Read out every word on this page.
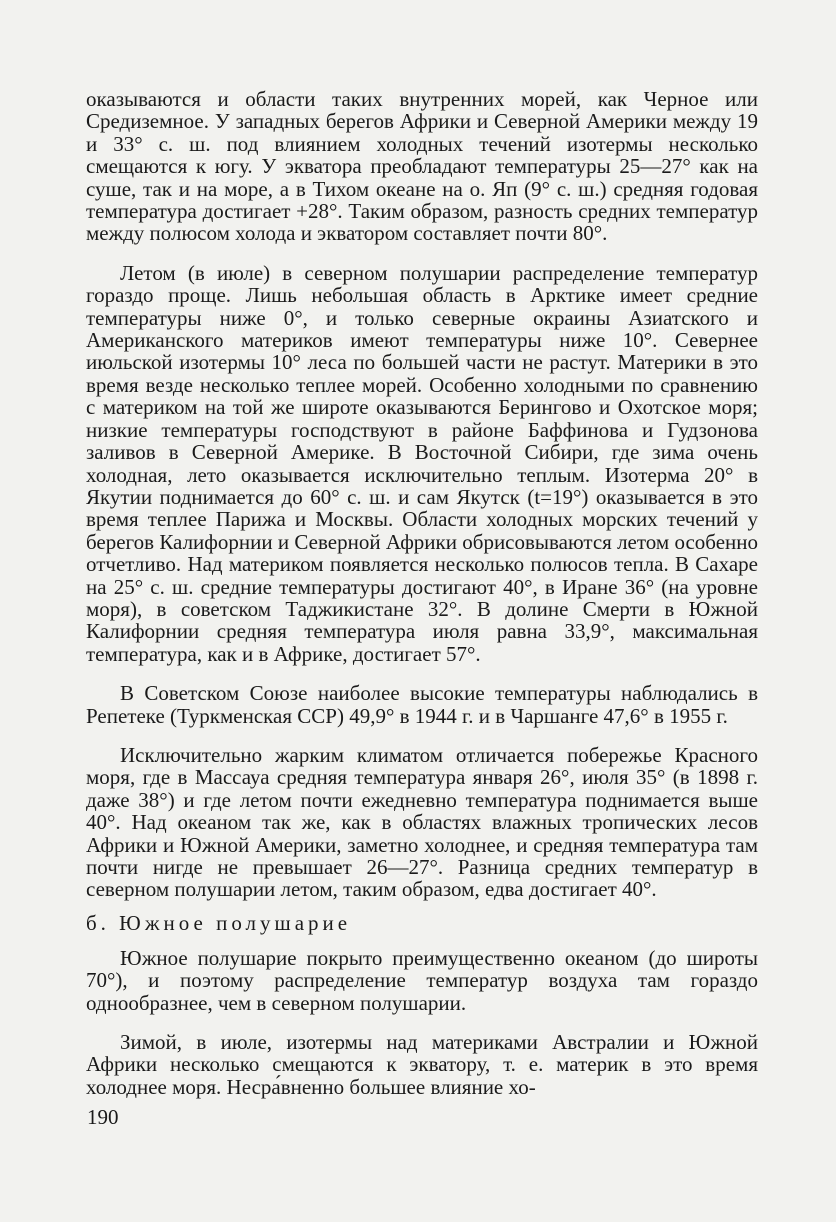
оказываются и области таких внутренних морей, как Черное или Средиземное. У западных берегов Африки и Северной Америки между 19 и 33° с. ш. под влиянием холодных течений изотермы несколько смещаются к югу. У экватора преобладают температуры 25—27° как на суше, так и на море, а в Тихом океане на о. Яп (9° с. ш.) средняя годовая температура достигает +28°. Таким образом, разность средних температур между полюсом холода и экватором составляет почти 80°.

Летом (в июле) в северном полушарии распределение температур гораздо проще. Лишь небольшая область в Арктике имеет средние температуры ниже 0°, и только северные окраины Азиатского и Американского материков имеют температуры ниже 10°. Севернее июльской изотермы 10° леса по большей части не растут. Материки в это время везде несколько теплее морей. Особенно холодными по сравнению с материком на той же широте оказываются Берингово и Охотское моря; низкие температуры господствуют в районе Баффинова и Гудзонова заливов в Северной Америке. В Восточной Сибири, где зима очень холодная, лето оказывается исключительно теплым. Изотерма 20° в Якутии поднимается до 60° с. ш. и сам Якутск (t=19°) оказывается в это время теплее Парижа и Москвы. Области холодных морских течений у берегов Калифорнии и Северной Африки обрисовываются летом особенно отчетливо. Над материком появляется несколько полюсов тепла. В Сахаре на 25° с. ш. средние температуры достигают 40°, в Иране 36° (на уровне моря), в советском Таджикистане 32°. В долине Смерти в Южной Калифорнии средняя температура июля равна 33,9°, максимальная температура, как и в Африке, достигает 57°.

В Советском Союзе наиболее высокие температуры наблюдались в Репетеке (Туркменская ССР) 49,9° в 1944 г. и в Чаршанге 47,6° в 1955 г.

Исключительно жарким климатом отличается побережье Красного моря, где в Массауа средняя температура января 26°, июля 35° (в 1898 г. даже 38°) и где летом почти ежедневно температура поднимается выше 40°. Над океаном так же, как в областях влажных тропических лесов Африки и Южной Америки, заметно холоднее, и средняя температура там почти нигде не превышает 26—27°. Разница средних температур в северном полушарии летом, таким образом, едва достигает 40°.

б. Южное полушарие

Южное полушарие покрыто преимущественно океаном (до широты 70°), и поэтому распределение температур воздуха там гораздо однообразнее, чем в северном полушарии.

Зимой, в июле, изотермы над материками Австралии и Южной Африки несколько смещаются к экватору, т. е. материк в это время холоднее моря. Несра́вненно большее влияние хо-

190
